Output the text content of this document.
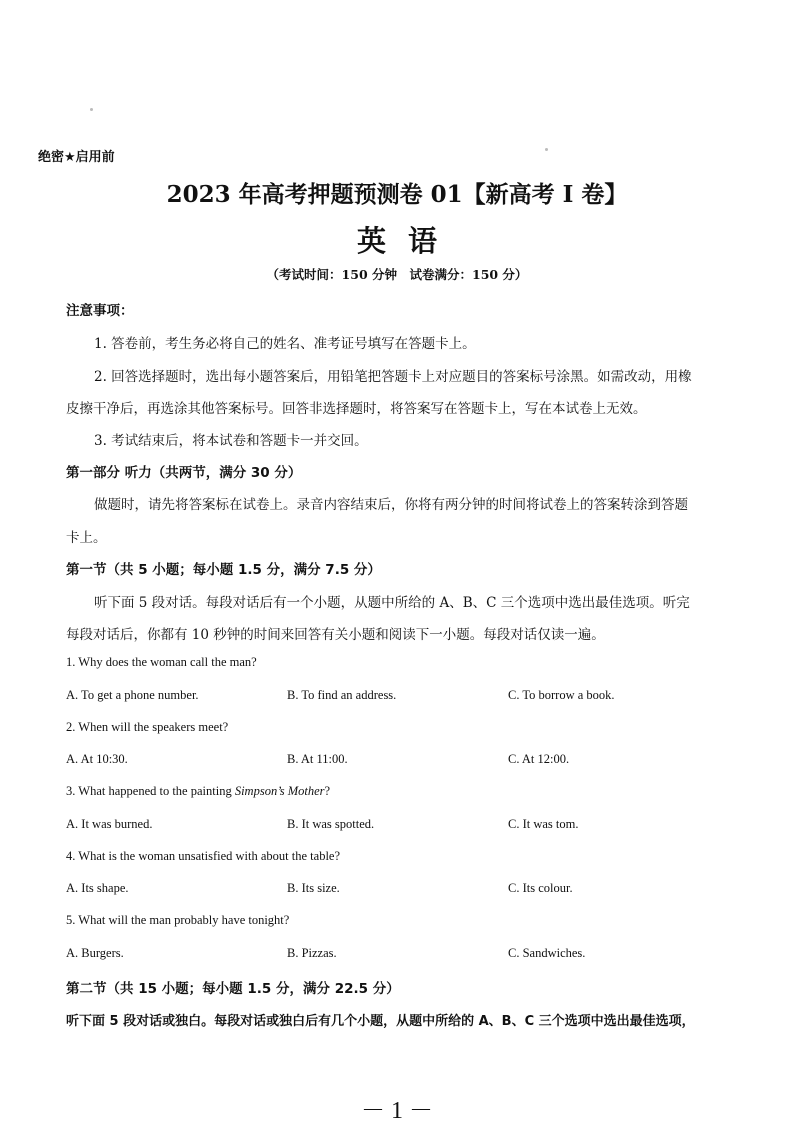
绝密★启用前
2023 年高考押题预测卷 01【新高考 I 卷】
英语
（考试时间：150 分钟　试卷满分：150 分）
注意事项：
1. 答卷前，考生务必将自己的姓名、准考证号填写在答题卡上。
2. 回答选择题时，选出每小题答案后，用铅笔把答题卡上对应题目的答案标号涂黑。如需改动，用橡
皮擦干净后，再选涂其他答案标号。回答非选择题时，将答案写在答题卡上，写在本试卷上无效。
3. 考试结束后，将本试卷和答题卡一并交回。
第一部分 听力（共两节，满分 30 分）
做题时，请先将答案标在试卷上。录音内容结束后，你将有两分钟的时间将试卷上的答案转涂到答题
卡上。
第一节（共 5 小题；每小题 1.5 分，满分 7.5 分）
听下面 5 段对话。每段对话后有一个小题，从题中所给的 A、B、C 三个选项中选出最佳选项。听完
每段对话后，你都有 10 秒钟的时间来回答有关小题和阅读下一小题。每段对话仅读一遍。
1. Why does the woman call the man?
A. To get a phone number.	B. To find an address.	C. To borrow a book.
2. When will the speakers meet?
A. At 10:30.	B. At 11:00.	C. At 12:00.
3. What happened to the painting Simpson’s Mother?
A. It was burned.	B. It was spotted.	C. It was tom.
4. What is the woman unsatisfied with about the table?
A. Its shape.	B. Its size.	C. Its colour.
5. What will the man probably have tonight?
A. Burgers.	B. Pizzas.	C. Sandwiches.
第二节（共 15 小题；每小题 1.5 分，满分 22.5 分）
听下面 5 段对话或独白。每段对话或独白后有几个小题，从题中所给的 A、B、C 三个选项中选出最佳选项，
－ 1 －
